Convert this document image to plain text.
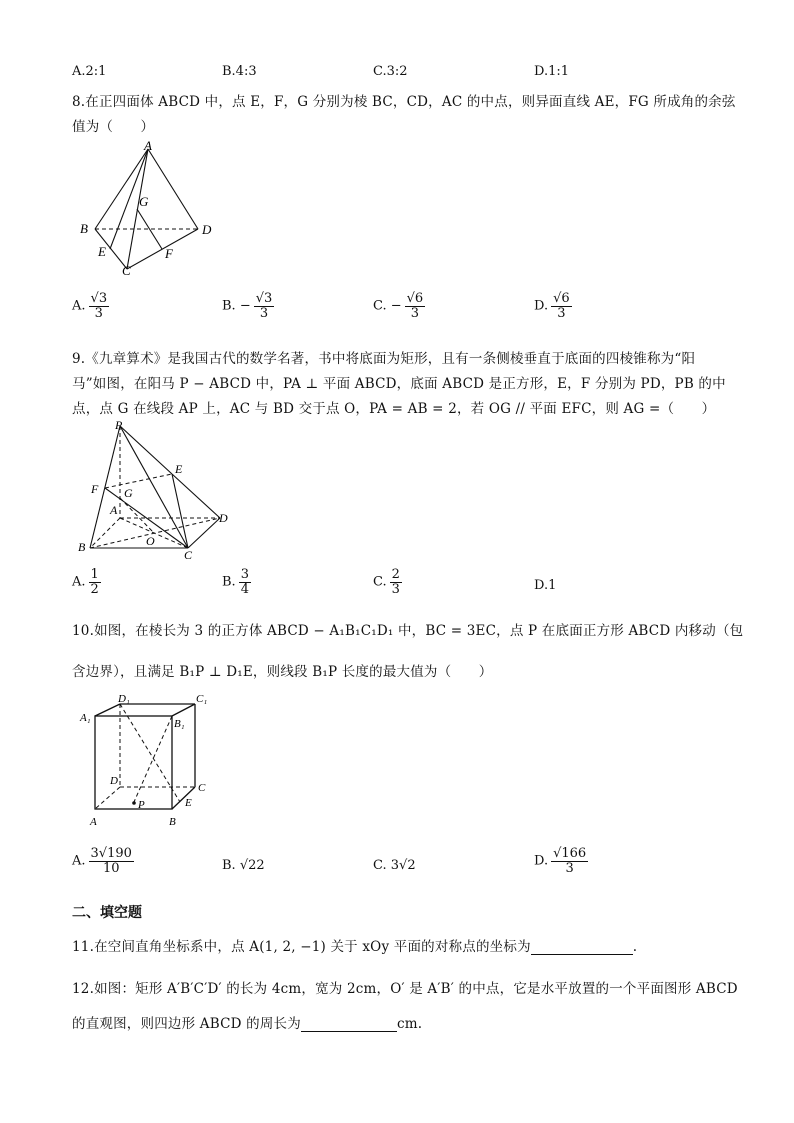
A.2:1	B.4:3	C.3:2	D.1:1
8.在正四面体 ABCD 中，点 E，F，G 分别为棱 BC，CD，AC 的中点，则异面直线 AE，FG 所成角的余弦
值为（　　）
A
B	D
G
E	F
C
A. $\frac{√3}{3}$	B. − $\frac{√3}{3}$	C. − $\frac{√6}{3}$	D. $\frac{√6}{3}$
9.《九章算术》是我国古代的数学名著，书中将底面为矩形，且有一条侧棱垂直于底面的四棱锥称为“阳
马”如图，在阳马 P − ABCD 中，PA ⊥ 平面 ABCD，底面 ABCD 是正方形，E，F 分别为 PD，PB 的中
点，点 G 在线段 AP 上，AC 与 BD 交于点 O，PA = AB = 2，若 OG // 平面 EFC，则 AG =（　　）
P
E
F G
A
D
O
B
C
A. $\frac{1}{2}$	B. $\frac{3}{4}$	C. $\frac{2}{3}$	D.1
10.如图，在棱长为 3 的正方体 ABCD − A₁B₁C₁D₁ 中，BC = 3EC，点 P 在底面正方形 ABCD 内移动（包
含边界），且满足 B₁P ⊥ D₁E，则线段 B₁P 长度的最大值为（　　）
D₁	C₁
A₁	B₁
D
C
E
P
A	B
A. $\frac{3√190}{10}$	B. √22	C. 3√2	D. $\frac{√166}{3}$
二、填空题
11.在空间直角坐标系中，点 A(1, 2, −1) 关于 xOy 平面的对称点的坐标为	.
12.如图：矩形 A′B′C′D′ 的长为 4cm，宽为 2cm，O′ 是 A′B′ 的中点，它是水平放置的一个平面图形 ABCD
的直观图，则四边形 ABCD 的周长为	cm.
